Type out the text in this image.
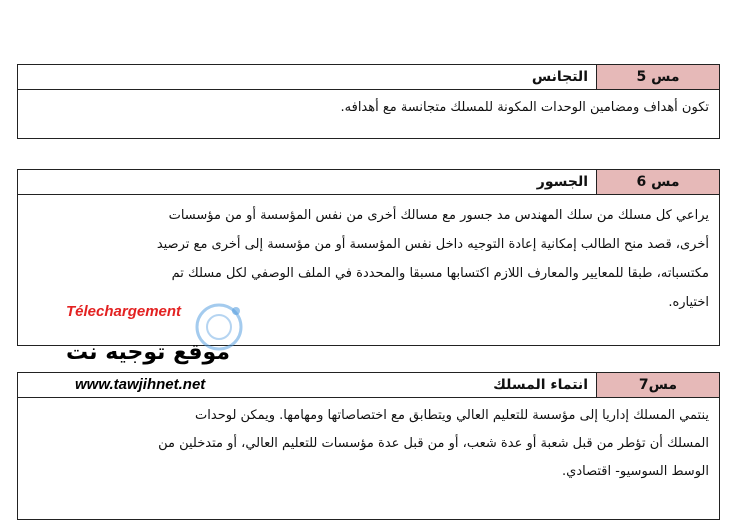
مس 5
التجانس
تكون أهداف ومضامين الوحدات المكونة للمسلك متجانسة مع أهدافه.
مس 6
الجسور
يراعي كل مسلك من سلك المهندس مد جسور مع مسالك أخرى من نفس المؤسسة أو من مؤسسات
أخرى، قصد منح الطالب إمكانية إعادة التوجيه داخل نفس المؤسسة أو من مؤسسة إلى أخرى مع ترصيد
مكتسباته، طبقا للمعايير والمعارف اللازم اكتسابها مسبقا والمحددة في الملف الوصفي لكل مسلك تم
اختياره.
مس7
انتماء المسلك
ينتمي المسلك إداريا إلى مؤسسة للتعليم العالي ويتطابق مع اختصاصاتها ومهامها. ويمكن لوحدات
المسلك أن تؤطر من قبل شعبة أو عدة شعب، أو من قبل عدة مؤسسات للتعليم العالي، أو متدخلين من
الوسط السوسيو- اقتصادي.
Télechargement
موقع توجيه نت
www.tawjihnet.net
